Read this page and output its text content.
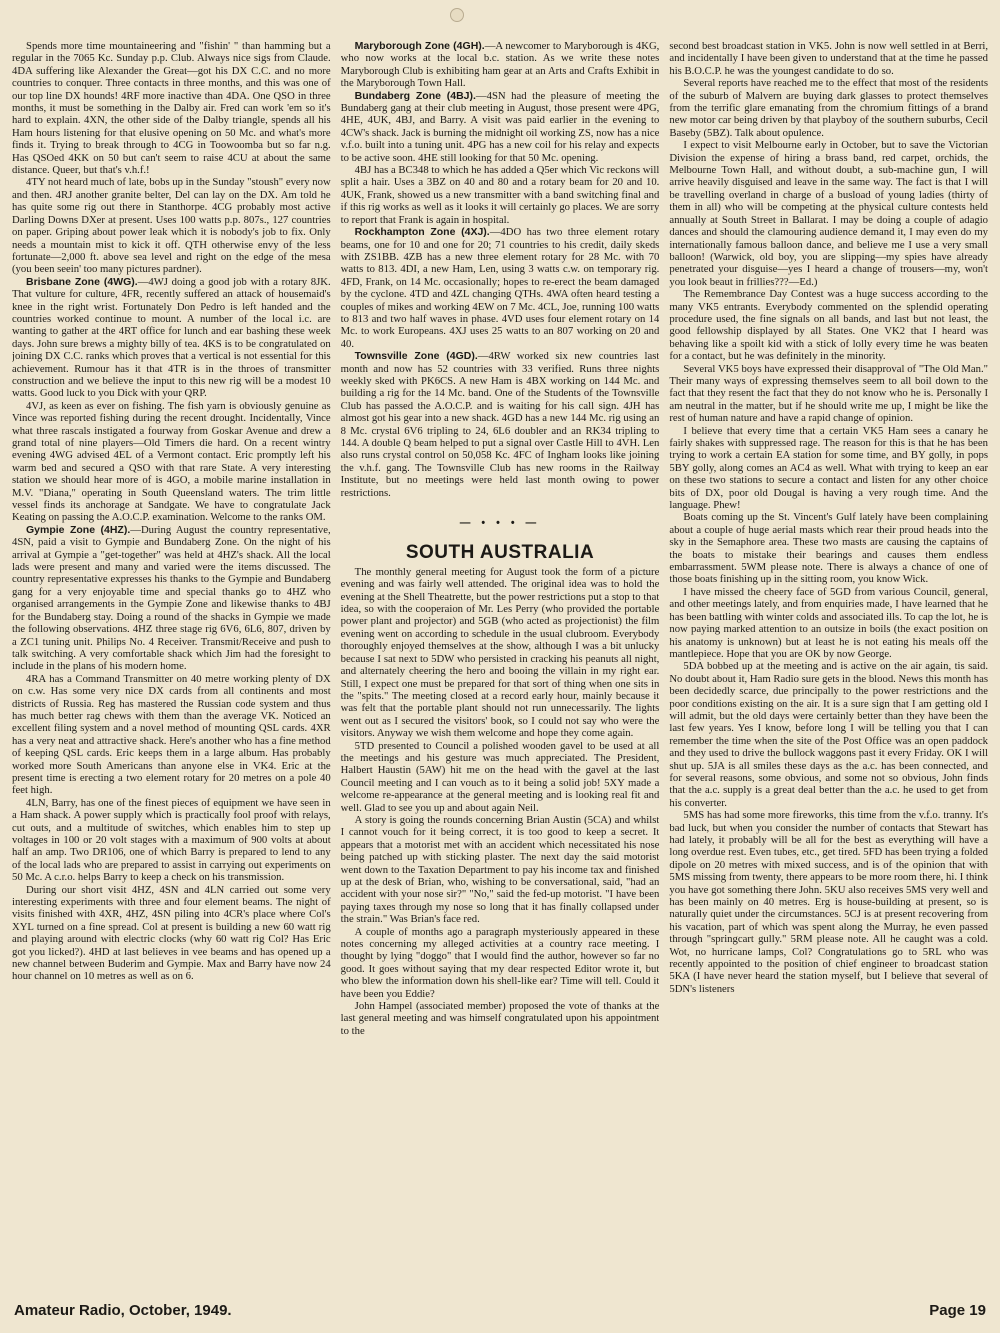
Spends more time mountaineering and "fishin' " than hamming but a regular in the 7065 Kc. Sunday p.p. Club. Always nice sigs from Claude. 4DA suffering like Alexander the Great—got his DX C.C. and no more countries to conquer. Three contacts in three months, and this was one of our top line DX hounds! 4RF more inactive than 4DA. One QSO in three months, it must be something in the Dalby air. Fred can work 'em so it's hard to explain. 4XN, the other side of the Dalby triangle, spends all his Ham hours listening for that elusive opening on 50 Mc. and what's more finds it. Trying to break through to 4CG in Toowoomba but so far n.g. Has QSOed 4KK on 50 but can't seem to raise 4CU at about the same distance. Queer, but that's v.h.f.!

4TY not heard much of late, bobs up in the Sunday "stoush" every now and then. 4RJ another granite belter, Del can lay on the DX. Am told he has quite some rig out there in Stanthorpe. 4CG probably most active Darling Downs DXer at present. Uses 100 watts p.p. 807s., 127 countries on paper. Griping about power leak which it is nobody's job to fix. Only needs a mountain mist to kick it off. QTH otherwise envy of the less fortunate—2,000 ft. above sea level and right on the edge of the mesa (you been seein' too many pictures pardner).

Brisbane Zone (4WG).—4WJ doing a good job with a rotary 8JK. That vulture for culture, 4FR, recently suffered an attack of housemaid's knee in the right wrist. Fortunately Don Pedro is left handed and the countries worked continue to mount. A number of the local i.c. are wanting to gather at the 4RT office for lunch and ear bashing these week days. John sure brews a mighty billy of tea. 4KS is to be congratulated on joining DX C.C. ranks which proves that a vertical is not essential for this achievement. Rumour has it that 4TR is in the throes of transmitter construction and we believe the input to this new rig will be a modest 10 watts. Good luck to you Dick with your QRP.

4VJ, as keen as ever on fishing. The fish yarn is obviously genuine as Vince was reported fishing during the recent drought. Incidentally, Vince what three rascals instigated a fourway from Goskar Avenue and drew a grand total of nine players—Old Timers die hard. On a recent wintry evening 4WG advised 4EL of a Vermont contact. Eric promptly left his warm bed and secured a QSO with that rare State. A very interesting station we should hear more of is 4GO, a mobile marine installation in M.V. "Diana," operating in South Queensland waters. The trim little vessel finds its anchorage at Sandgate. We have to congratulate Jack Keating on passing the A.O.C.P. examination. Welcome to the ranks OM.

Gympie Zone (4HZ).—During August the country representative, 4SN, paid a visit to Gympie and Bundaberg Zone. On the night of his arrival at Gympie a "get-together" was held at 4HZ's shack. All the local lads were present and many and varied were the items discussed. The country representative expresses his thanks to the Gympie and Bundaberg gang for a very enjoyable time and special thanks go to 4HZ who organised arrangements in the Gympie Zone and likewise thanks to 4BJ for the Bundaberg stay. Doing a round of the shacks in Gympie we made the following observations. 4HZ three stage rig 6V6, 6L6, 807, driven by a ZC1 tuning unit. Philips No. 4 Receiver. Transmit/Receive and push to talk switching. A very comfortable shack which Jim had the foresight to include in the plans of his modern home.

4RA has a Command Transmitter on 40 metre working plenty of DX on c.w. Has some very nice DX cards from all continents and most districts of Russia. Reg has mastered the Russian code system and thus has much better rag chews with them than the average VK. Noticed an excellent filing system and a novel method of mounting QSL cards. 4XR has a very neat and attractive shack. Here's another who has a fine method of keeping QSL cards. Eric keeps them in a large album. Has probably worked more South Americans than anyone else in VK4. Eric at the present time is erecting a two element rotary for 20 metres on a pole 40 feet high.

4LN, Barry, has one of the finest pieces of equipment we have seen in a Ham shack. A power supply which is practically fool proof with relays, cut outs, and a multitude of switches, which enables him to step up voltages in 100 or 20 volt stages with a maximum of 900 volts at about half an amp. Two DR106, one of which Barry is prepared to lend to any of the local lads who are prepared to assist in carrying out experiments on 50 Mc. A c.r.o. helps Barry to keep a check on his transmission.

During our short visit 4HZ, 4SN and 4LN carried out some very interesting experiments with three and four element beams. The night of visits finished with 4XR, 4HZ, 4SN piling into 4CR's place where Col's XYL turned on a fine spread. Col at present is building a new 60 watt rig and playing around with electric clocks (why 60 watt rig Col? Has Eric got you licked?). 4HD at last believes in vee beams and has opened up a new channel between Buderim and Gympie. Max and Barry have now 24 hour channel on 10 metres as well as on 6.

Maryborough Zone (4GH).—A newcomer to Maryborough is 4KG, who now works at the local b.c. station. As we write these notes Maryborough Club is exhibiting ham gear at an Arts and Crafts Exhibit in the Maryborough Town Hall.

Bundaberg Zone (4BJ).—4SN had the pleasure of meeting the Bundaberg gang at their club meeting in August, those present were 4PG, 4HE, 4UK, 4BJ, and Barry. A visit was paid earlier in the evening to 4CW's shack. Jack is burning the midnight oil working ZS, now has a nice v.f.o. built into a tuning unit. 4PG has a new coil for his relay and expects to be active soon. 4HE still looking for that 50 Mc. opening.

4BJ has a BC348 to which he has added a Q5er which Vic reckons will split a hair. Uses a 3BZ on 40 and 80 and a rotary beam for 20 and 10. 4UK, Frank, showed us a new transmitter with a band switching final and if this rig works as well as it looks it will certainly go places. We are sorry to report that Frank is again in hospital.

Rockhampton Zone (4XJ).—4DO has two three element rotary beams, one for 10 and one for 20; 71 countries to his credit, daily skeds with ZS1BB. 4ZB has a new three element rotary for 28 Mc. with 70 watts to 813. 4DI, a new Ham, Len, using 3 watts c.w. on temporary rig. 4FD, Frank, on 14 Mc. occasionally; hopes to re-erect the beam damaged by the cyclone. 4TD and 4ZL changing QTHs. 4WA often heard testing a couples of mikes and working 4EW on 7 Mc. 4CL, Joe, running 100 watts to 813 and two half waves in phase. 4VD uses four element rotary on 14 Mc. to work Europeans. 4XJ uses 25 watts to an 807 working on 20 and 40.

Townsville Zone (4GD).—4RW worked six new countries last month and now has 52 countries with 33 verified. Runs three nights weekly sked with PK6CS. A new Ham is 4BX working on 144 Mc. and building a rig for the 14 Mc. band. One of the Students of the Townsville Club has passed the A.O.C.P. and is waiting for his call sign. 4JH has almost got his gear into a new shack. 4GD has a new 144 Mc. rig using an 8 Mc. crystal 6V6 tripling to 24, 6L6 doubler and an RK34 tripling to 144. A double Q beam helped to put a signal over Castle Hill to 4VH. Len also runs crystal control on 50,058 Kc. 4FC of Ingham looks like joining the v.h.f. gang. The Townsville Club has new rooms in the Railway Institute, but no meetings were held last month owing to power restrictions.

— • • • —
SOUTH AUSTRALIA

The monthly general meeting for August took the form of a picture evening and was fairly well attended. The original idea was to hold the evening at the Shell Theatrette, but the power restrictions put a stop to that idea, so with the cooperaion of Mr. Les Perry (who provided the portable power plant and projector) and 5GB (who acted as projectionist) the film evening went on according to schedule in the usual clubroom. Everybody thoroughly enjoyed themselves at the show, although I was a bit unlucky because I sat next to 5DW who persisted in cracking his peanuts all night, and alternately cheering the hero and booing the villain in my right ear. Still, I expect one must be prepared for that sort of thing when one sits in the "spits." The meeting closed at a record early hour, mainly because it was felt that the portable plant should not run unnecessarily. The lights went out as I secured the visitors' book, so I could not say who were the visitors. Anyway we wish them welcome and hope they come again.

5TD presented to Council a polished wooden gavel to be used at all the meetings and his gesture was much appreciated. The President, Halbert Haustin (5AW) hit me on the head with the gavel at the last Council meeting and I can vouch as to it being a solid job! 5XY made a welcome re-appearance at the general meeting and is looking real fit and well. Glad to see you up and about again Neil.

A story is going the rounds concerning Brian Austin (5CA) and whilst I cannot vouch for it being correct, it is too good to keep a secret. It appears that a motorist met with an accident which necessitated his nose being patched up with sticking plaster. The next day the said motorist went down to the Taxation Department to pay his income tax and finished up at the desk of Brian, who, wishing to be conversational, said, "had an accident with your nose sir?" "No," said the fed-up motorist. "I have been paying taxes through my nose so long that it has finally collapsed under the strain." Was Brian's face red.

A couple of months ago a paragraph mysteriously appeared in these notes concerning my alleged activities at a country race meeting. I thought by lying "doggo" that I would find the author, however so far no good. It goes without saying that my dear respected Editor wrote it, but who blew the information down his shell-like ear? Time will tell. Could it have been you Eddie?

John Hampel (associated member) proposed the vote of thanks at the last general meeting and was himself congratulated upon his appointment to the

second best broadcast station in VK5. John is now well settled in at Berri, and incidentally I have been given to understand that at the time he passed his B.O.C.P. he was the youngest candidate to do so.

Several reports have reached me to the effect that most of the residents of the suburb of Malvern are buying dark glasses to protect themselves from the terrific glare emanating from the chromium fittings of a brand new motor car being driven by that playboy of the southern suburbs, Cecil Baseby (5BZ). Talk about opulence.

I expect to visit Melbourne early in October, but to save the Victorian Division the expense of hiring a brass band, red carpet, orchids, the Melbourne Town Hall, and without doubt, a sub-machine gun, I will arrive heavily disguised and leave in the same way. The fact is that I will be travelling overland in charge of a busload of young ladies (thirty of them in all) who will be competing at the physical culture contests held annually at South Street in Ballarat. I may be doing a couple of adagio dances and should the clamouring audience demand it, I may even do my internationally famous balloon dance, and believe me I use a very small balloon! (Warwick, old boy, you are slipping—my spies have already penetrated your disguise—yes I heard a change of trousers—my, won't you look beaut in frillies???—Ed.)

The Remembrance Day Contest was a huge success according to the many VK5 entrants. Everybody commented on the splendid operating procedure used, the fine signals on all bands, and last but not least, the good fellowship displayed by all States. One VK2 that I heard was behaving like a spoilt kid with a stick of lolly every time he was beaten for a contact, but he was definitely in the minority.

Several VK5 boys have expressed their disapproval of "The Old Man." Their many ways of expressing themselves seem to all boil down to the fact that they resent the fact that they do not know who he is. Personally I am neutral in the matter, but if he should write me up, I might be like the rest of human nature and have a rapid change of opinion.

I believe that every time that a certain VK5 Ham sees a canary he fairly shakes with suppressed rage. The reason for this is that he has been trying to work a certain EA station for some time, and BY golly, in pops 5BY golly, along comes an AC4 as well. What with trying to keep an ear on these two stations to secure a contact and listen for any other choice bits of DX, poor old Dougal is having a very rough time. And the language. Phew!

Boats coming up the St. Vincent's Gulf lately have been complaining about a couple of huge aerial masts which rear their proud heads into the sky in the Semaphore area. These two masts are causing the captains of the boats to mistake their bearings and causes them endless embarrassment. 5WM please note. There is always a chance of one of those boats finishing up in the sitting room, you know Wick.

I have missed the cheery face of 5GD from various Council, general, and other meetings lately, and from enquiries made, I have learned that he has been battling with winter colds and associated ills. To cap the lot, he is now paying marked attention to an outsize in boils (the exact position on his anatomy is unknown) but at least he is not eating his meals off the mantlepiece. Hope that you are OK by now George.

5DA bobbed up at the meeting and is active on the air again, tis said. No doubt about it, Ham Radio sure gets in the blood. News this month has been decidedly scarce, due principally to the power restrictions and the poor conditions existing on the air. It is a sure sign that I am getting old I will admit, but the old days were certainly better than they have been the last few years. Yes I know, before long I will be telling you that I can remember the time when the site of the Post Office was an open paddock and they used to drive the bullock waggons past it every Friday. OK I will shut up. 5JA is all smiles these days as the a.c. has been connected, and for several reasons, some obvious, and some not so obvious, John finds that the a.c. supply is a great deal better than the a.c. he used to get from his converter.

5MS has had some more fireworks, this time from the v.f.o. tranny. It's bad luck, but when you consider the number of contacts that Stewart has had lately, it probably will be all for the best as everything will have a long overdue rest. Even tubes, etc., get tired. 5FD has been trying a folded dipole on 20 metres with mixed success, and is of the opinion that with 5MS missing from twenty, there appears to be more room there, hi. I think you have got something there John. 5KU also receives 5MS very well and has been mainly on 40 metres. Erg is house-building at present, so is naturally quiet under the circumstances. 5CJ is at present recovering from his vacation, part of which was spent along the Murray, he even passed through "springcart gully." 5RM please note. All he caught was a cold. Wot, no hurricane lamps, Col? Congratulations go to 5RL who was recently appointed to the position of chief engineer to broadcast station 5KA (I have never heard the station myself, but I believe that several of 5DN's listeners

Amateur Radio, October, 1949.	Page 19
